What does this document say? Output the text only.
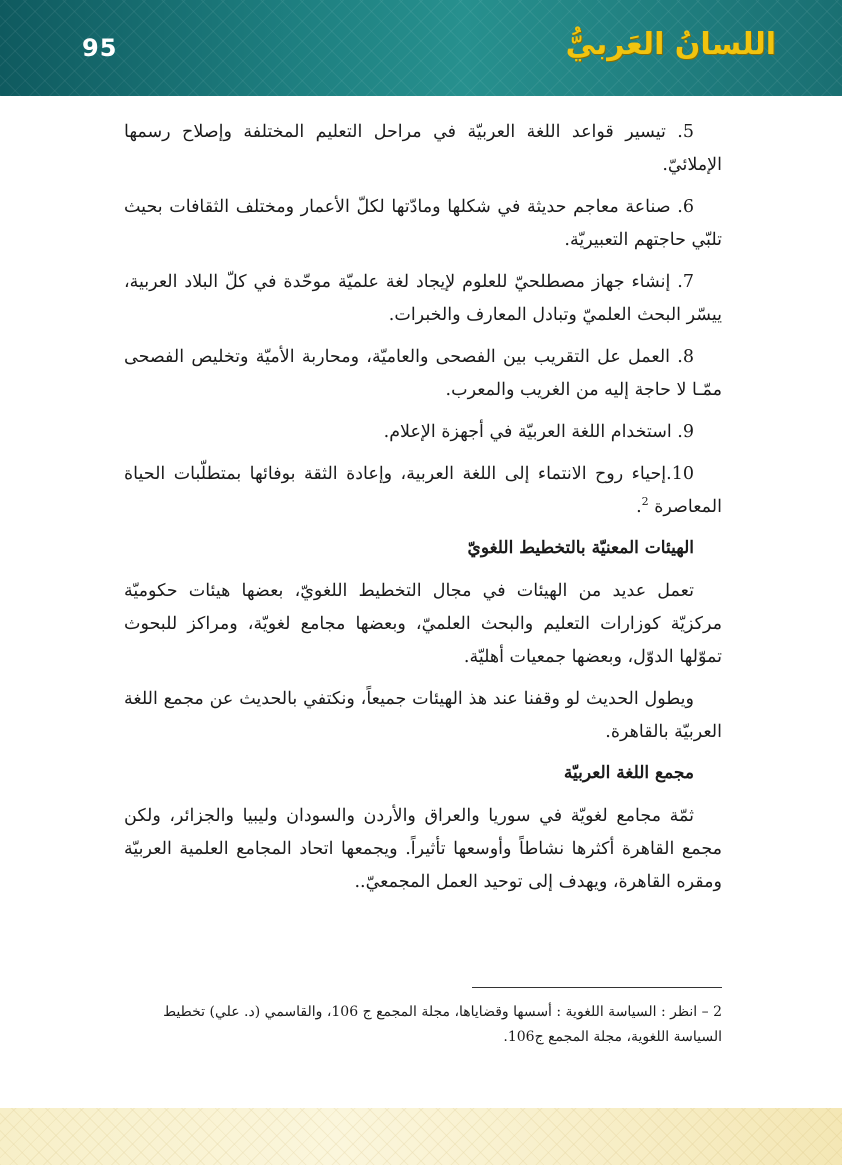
95	اللسانُ العَربيُّ

5. تيسير قواعد اللغة العربيّة في مراحل التعليم المختلفة وإصلاح رسمها الإملائيّ.

6. صناعة معاجم حديثة في شكلها ومادّتها لكلّ الأعمار ومختلف الثقافات بحيث تلبّي حاجتهم التعبيريّة.

7. إنشاء جهاز مصطلحيّ للعلوم لإيجاد لغة علميّة موحّدة في كلّ البلاد العربية، ييسّر البحث العلميّ وتبادل المعارف والخبرات.

8. العمل عل التقريب بين الفصحى والعاميّة، ومحاربة الأميّة وتخليص الفصحى ممّـا لا حاجة إليه من الغريب والمعرب.

9. استخدام اللغة العربيّة في أجهزة الإعلام.

10.إحياء روح الانتماء إلى اللغة العربية، وإعادة الثقة بوفائها بمتطلّبات الحياة المعاصرة $^2$.

الهيئات المعنيّة بالتخطيط اللغويّ

تعمل عديد من الهيئات في مجال التخطيط اللغويّ، بعضها هيئات حكوميّة مركزيّة كوزارات التعليم والبحث العلميّ، وبعضها مجامع لغويّة، ومراكز للبحوث تموّلها الدوّل، وبعضها جمعيات أهليّة.

ويطول الحديث لو وقفنا عند هذ الهيئات جميعاً، ونكتفي بالحديث عن مجمع اللغة العربيّة بالقاهرة.

مجمع اللغة العربيّة

ثمّة مجامع لغويّة في سوريا والعراق والأردن والسودان وليبيا والجزائر، ولكن مجمع القاهرة أكثرها نشاطاً وأوسعها تأثيراً. ويجمعها اتحاد المجامع العلمية العربيّة ومقره القاهرة، ويهدف إلى توحيد العمل المجمعيّ..

2 – انظر : السياسة اللغوية : أسسها وقضاياها، مجلة المجمع ج 106، والقاسمي (د. علي) تخطيط السياسة اللغوية، مجلة المجمع ج106.
